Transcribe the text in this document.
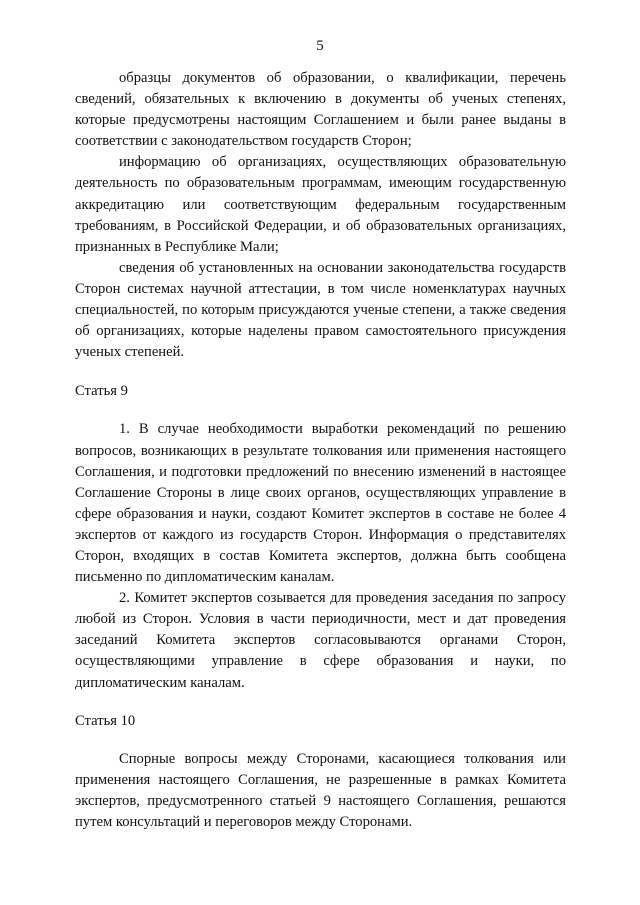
5

образцы документов об образовании, о квалификации, перечень сведений, обязательных к включению в документы об ученых степенях, которые предусмотрены настоящим Соглашением и были ранее выданы в соответствии с законодательством государств Сторон;

информацию об организациях, осуществляющих образовательную деятельность по образовательным программам, имеющим государственную аккредитацию или соответствующим федеральным государственным требованиям, в Российской Федерации, и об образовательных организациях, признанных в Республике Мали;

сведения об установленных на основании законодательства государств Сторон системах научной аттестации, в том числе номенклатурах научных специальностей, по которым присуждаются ученые степени, а также сведения об организациях, которые наделены правом самостоятельного присуждения ученых степеней.

Статья 9

1. В случае необходимости выработки рекомендаций по решению вопросов, возникающих в результате толкования или применения настоящего Соглашения, и подготовки предложений по внесению изменений в настоящее Соглашение Стороны в лице своих органов, осуществляющих управление в сфере образования и науки, создают Комитет экспертов в составе не более 4 экспертов от каждого из государств Сторон. Информация о представителях Сторон, входящих в состав Комитета экспертов, должна быть сообщена письменно по дипломатическим каналам.

2. Комитет экспертов созывается для проведения заседания по запросу любой из Сторон. Условия в части периодичности, мест и дат проведения заседаний Комитета экспертов согласовываются органами Сторон, осуществляющими управление в сфере образования и науки, по дипломатическим каналам.

Статья 10

Спорные вопросы между Сторонами, касающиеся толкования или применения настоящего Соглашения, не разрешенные в рамках Комитета экспертов, предусмотренного статьей 9 настоящего Соглашения, решаются путем консультаций и переговоров между Сторонами.
